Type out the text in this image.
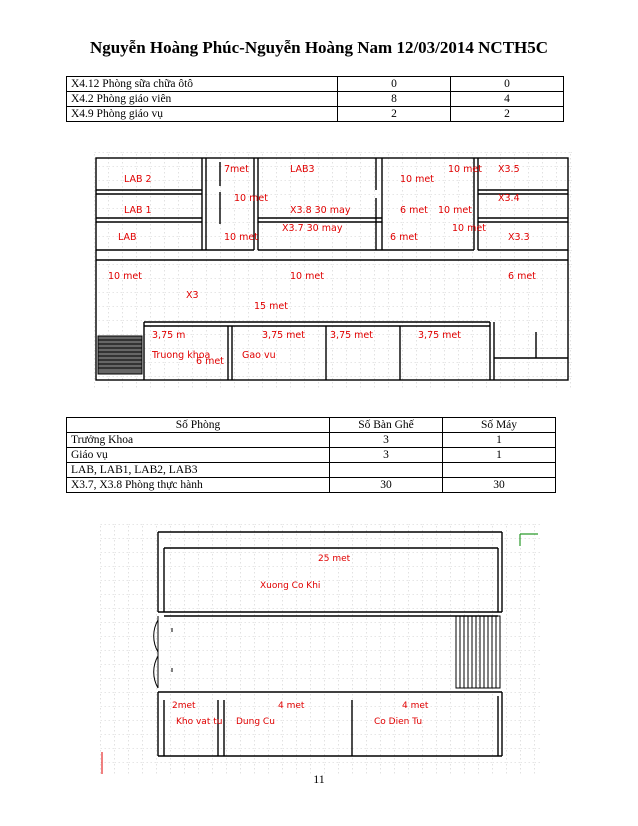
Nguyễn Hoàng Phúc-Nguyễn Hoàng Nam 12/03/2014 NCTH5C
X4.12 Phòng sữa chữa ôtô	0	0
X4.2 Phòng giáo viên	8	4
X4.9 Phòng giáo vụ	2	2
LAB 2
LAB 1
LAB
7met	LAB3
10 met
10 met
X3.8 30 may
X3.7 30 may
10 met
6 met
6 met
10 met
10 met
10 met
X3.5
X3.4
X3.3
10 met	10 met	6 met
X3
15 met
3,75 m	3,75 met	3,75 met	3,75 met
Truong khoa
6 met
Gao vu
Số Phòng	Số Bàn Ghế	Số Máy
Trưởng Khoa	3	1
Giáo vụ	3	1
LAB, LAB1, LAB2, LAB3		
X3.7, X3.8 Phòng thực hành	30	30
25 met
Xuong Co Khi
2met	4 met	4 met
Kho vat tu Dung Cu	Co Dien Tu
11
